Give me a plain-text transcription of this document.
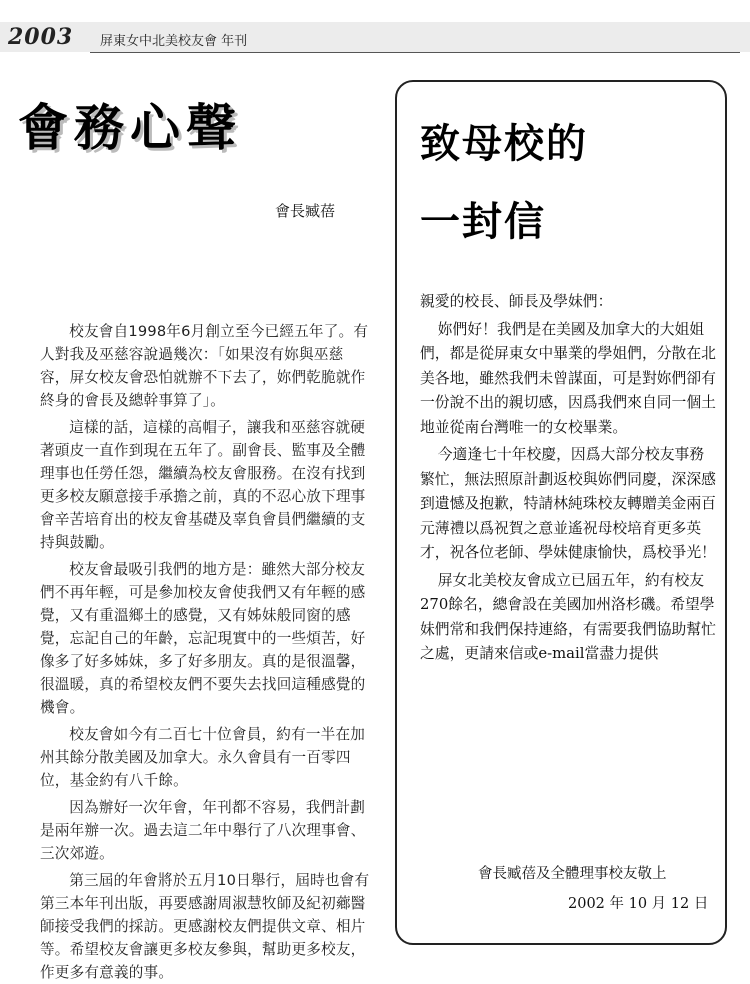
2003 屏東女中北美校友會 年刊
會務心聲
會長臧蓓

校友會自1998年6月創立至今已經五年了。有人對我及巫慈容說過幾次：「如果沒有妳與巫慈容，屏女校友會恐怕就辦不下去了，妳們乾脆就作終身的會長及總幹事算了」。

這樣的話，這樣的高帽子，讓我和巫慈容就硬著頭皮一直作到現在五年了。副會長、監事及全體理事也任勞任怨，繼續為校友會服務。在沒有找到更多校友願意接手承擔之前，真的不忍心放下理事會辛苦培育出的校友會基礎及辜負會員們繼續的支持與鼓勵。

校友會最吸引我們的地方是：雖然大部分校友們不再年輕，可是參加校友會使我們又有年輕的感覺，又有重溫鄉土的感覺，又有姊妹般同窗的感覺，忘記自己的年齡，忘記現實中的一些煩苦，好像多了好多姊妹，多了好多朋友。真的是很溫馨，很溫暖，真的希望校友們不要失去找回這種感覺的機會。

校友會如今有二百七十位會員，約有一半在加州其餘分散美國及加拿大。永久會員有一百零四位，基金約有八千餘。

因為辦好一次年會，年刊都不容易，我們計劃是兩年辦一次。過去這二年中舉行了八次理事會、三次郊遊。

第三屆的年會將於五月10日舉行，屆時也會有第三本年刊出版，再要感謝周淑慧牧師及紀初薌醫師接受我們的採訪。更感謝校友們提供文章、相片等。希望校友會讓更多校友參與，幫助更多校友，作更多有意義的事。

致母校的
一封信

親愛的校長、師長及學妹們：

妳們好！我們是在美國及加拿大的大姐姐們，都是從屏東女中畢業的學姐們，分散在北美各地，雖然我們未曾謀面，可是對妳們卻有一份說不出的親切感，因爲我們來自同一個土地並從南台灣唯一的女校畢業。

今適逢七十年校慶，因爲大部分校友事務繁忙，無法照原計劃返校與妳們同慶，深深感到遺憾及抱歉，特請林純珠校友轉贈美金兩百元薄禮以爲祝賀之意並遙祝母校培育更多英才，祝各位老師、學妹健康愉快，爲校爭光！

屏女北美校友會成立已屆五年，約有校友270餘名，總會設在美國加州洛杉磯。希望學妹們常和我們保持連絡，有需要我們協助幫忙之處，更請來信或e-mail當盡力提供

會長臧蓓及全體理事校友敬上
2002 年 10 月 12 日
